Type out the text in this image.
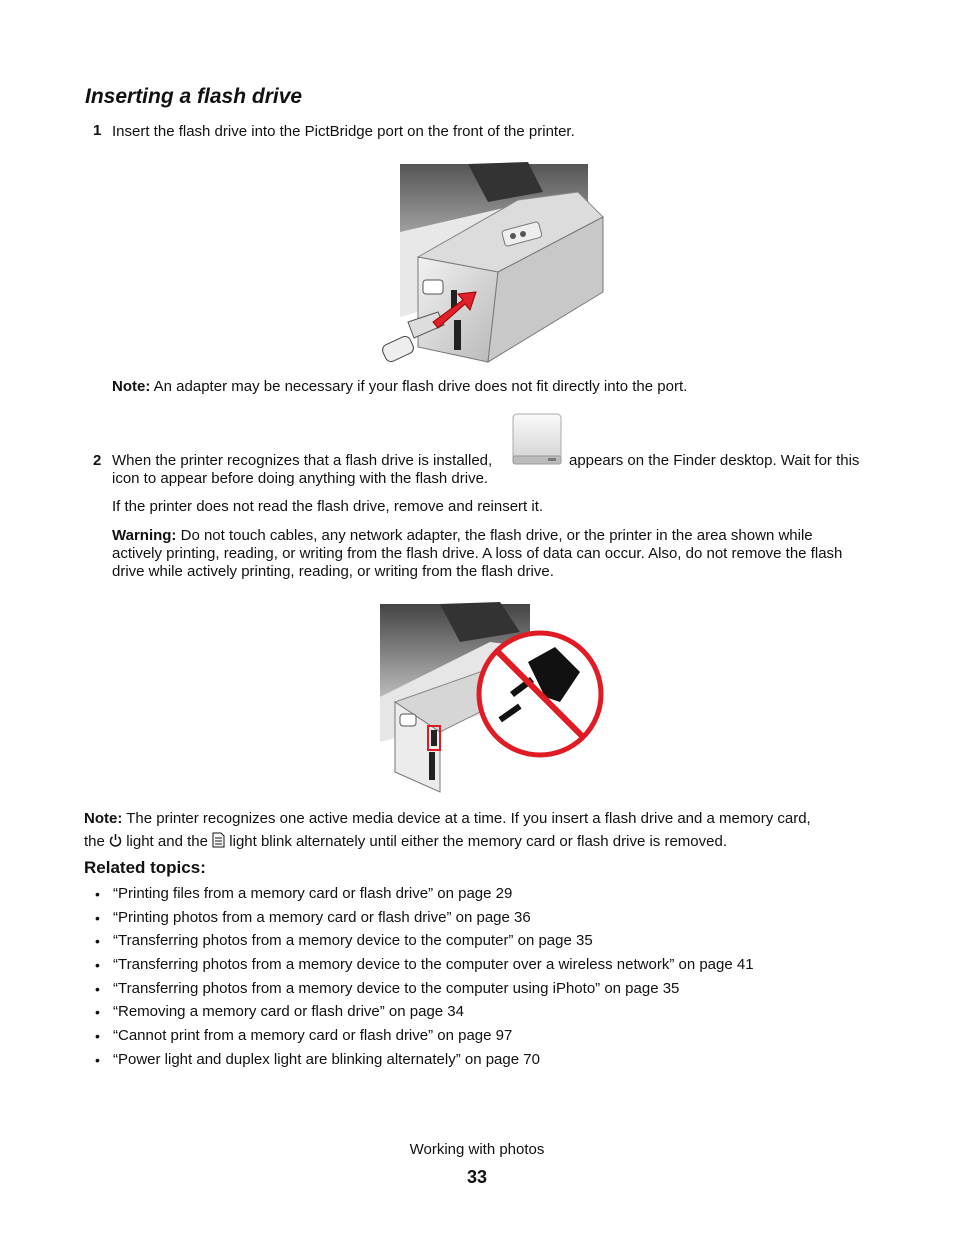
Inserting a flash drive
1 Insert the flash drive into the PictBridge port on the front of the printer.
Note: An adapter may be necessary if your flash drive does not fit directly into the port.
2 When the printer recognizes that a flash drive is installed,	appears on the Finder desktop. Wait for this
icon to appear before doing anything with the flash drive.
If the printer does not read the flash drive, remove and reinsert it.
Warning: Do not touch cables, any network adapter, the flash drive, or the printer in the area shown while
actively printing, reading, or writing from the flash drive. A loss of data can occur. Also, do not remove the flash
drive while actively printing, reading, or writing from the flash drive.
Note: The printer recognizes one active media device at a time. If you insert a flash drive and a memory card,
the light and the light blink alternately until either the memory card or flash drive is removed.
Related topics:
• “Printing files from a memory card or flash drive” on page 29
• “Printing photos from a memory card or flash drive” on page 36
• “Transferring photos from a memory device to the computer” on page 35
• “Transferring photos from a memory device to the computer over a wireless network” on page 41
• “Transferring photos from a memory device to the computer using iPhoto” on page 35
• “Removing a memory card or flash drive” on page 34
• “Cannot print from a memory card or flash drive” on page 97
• “Power light and duplex light are blinking alternately” on page 70
Working with photos
33
